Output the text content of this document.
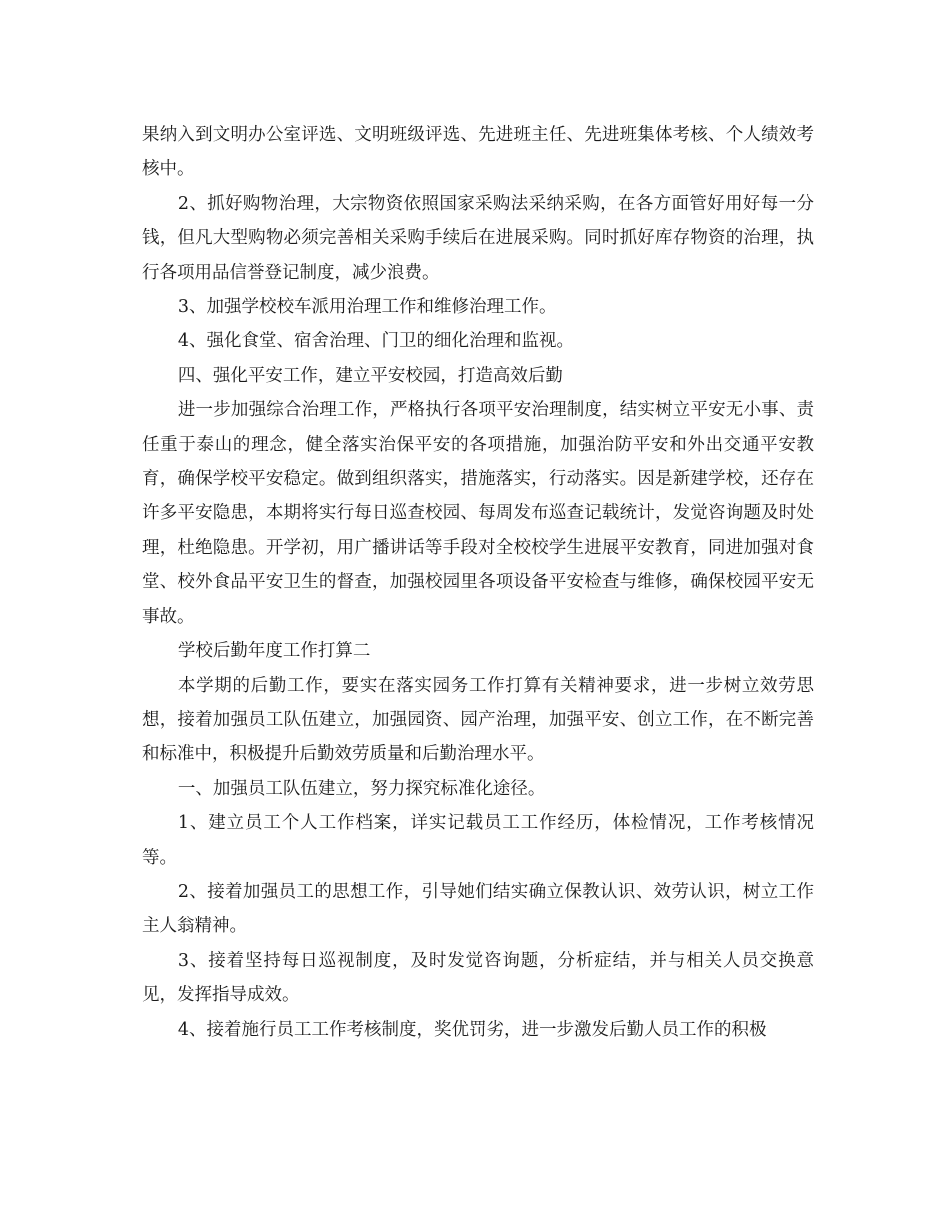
果纳入到文明办公室评选、文明班级评选、先进班主任、先进班集体考核、个人绩效考核中。

2、抓好购物治理，大宗物资依照国家采购法采纳采购，在各方面管好用好每一分钱，但凡大型购物必须完善相关采购手续后在进展采购。同时抓好库存物资的治理，执行各项用品信誉登记制度，减少浪费。

3、加强学校校车派用治理工作和维修治理工作。

4、强化食堂、宿舍治理、门卫的细化治理和监视。

四、强化平安工作，建立平安校园，打造高效后勤

进一步加强综合治理工作，严格执行各项平安治理制度，结实树立平安无小事、责任重于泰山的理念，健全落实治保平安的各项措施，加强治防平安和外出交通平安教育，确保学校平安稳定。做到组织落实，措施落实，行动落实。因是新建学校，还存在许多平安隐患，本期将实行每日巡查校园、每周发布巡查记载统计，发觉咨询题及时处理，杜绝隐患。开学初，用广播讲话等手段对全校校学生进展平安教育，同进加强对食堂、校外食品平安卫生的督查，加强校园里各项设备平安检查与维修，确保校园平安无事故。

学校后勤年度工作打算二

本学期的后勤工作，要实在落实园务工作打算有关精神要求，进一步树立效劳思想，接着加强员工队伍建立，加强园资、园产治理，加强平安、创立工作，在不断完善和标准中，积极提升后勤效劳质量和后勤治理水平。

一、加强员工队伍建立，努力探究标准化途径。

1、建立员工个人工作档案，详实记载员工工作经历，体检情况，工作考核情况等。

2、接着加强员工的思想工作，引导她们结实确立保教认识、效劳认识，树立工作主人翁精神。

3、接着坚持每日巡视制度，及时发觉咨询题，分析症结，并与相关人员交换意见，发挥指导成效。

4、接着施行员工工作考核制度，奖优罚劣，进一步激发后勤人员工作的积极
